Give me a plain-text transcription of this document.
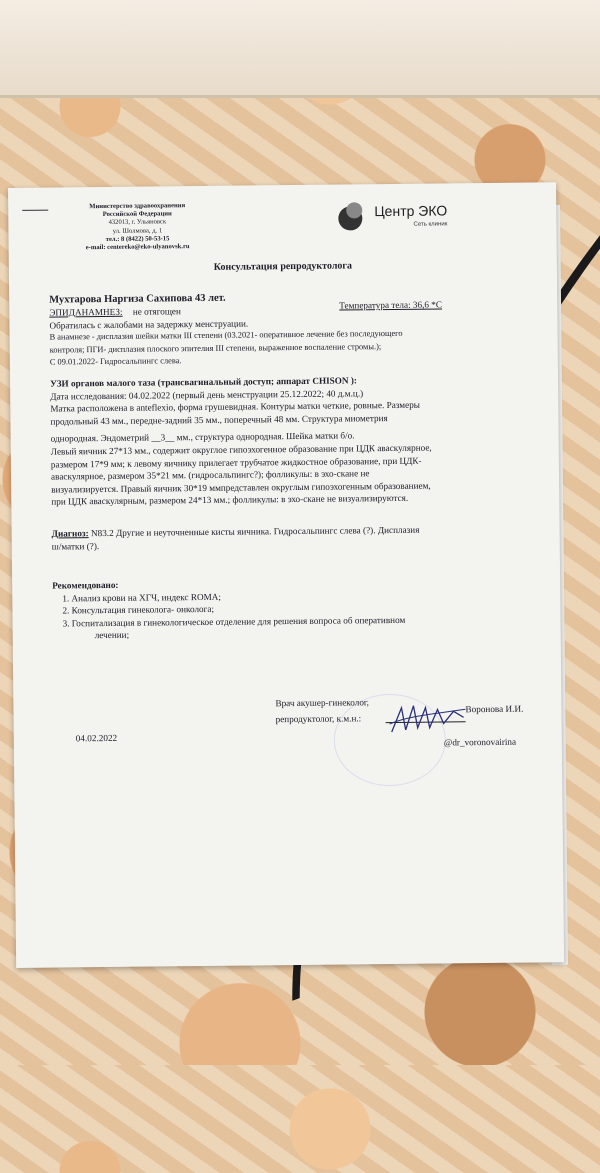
Министерство здравоохранения
Российской Федерации
432013, г. Ульяновск
ул. Шолмова, д. 1
тел.: 8 (8422) 50-53-15
e-mail: centereko@eko-ulyanovsk.ru
Центр ЭКО
Сеть клиник
Консультация репродуктолога
Мухтарова Наргиза Сахипова 43 лет.
ЭПИДАНАМНЕЗ: не отягощен
Температура тела: 36,6 *С
Обратилась с жалобами на задержку менструации.
В анамнезе - дисплазия шейки матки III степени (03.2021- оперативное лечение без последующего
контроля; ПГИ- дисплазия плоского эпителия III степени, выраженное воспаление стромы.);
С 09.01.2022- Гидросальпингс слева.
УЗИ органов малого таза (трансвагинальный доступ; аппарат CHISON ):
Дата исследования: 04.02.2022 (первый день менструации 25.12.2022; 40 д.м.ц.)
Матка расположена в anteflexio, форма грушевидная. Контуры матки четкие, ровные. Размеры
продольный 43 мм., передне-задний 35 мм., поперечный 48 мм. Структура миометрия
однородная. Эндометрий __3__ мм., структура однородная. Шейка матки б/о.
Левый яичник 27*13 мм., содержит округлое гипоэхогенное образование при ЦДК аваскулярное,
размером 17*9 мм; к левому яичнику прилегает трубчатое жидкостное образование, при ЦДК-
аваскулярное, размером 35*21 мм. (гидросальпингс?); фолликулы: в эхо-скане не
визуализируется. Правый яичник 30*19 ммпредставлен округлым гипоэхогенным образованием,
при ЦДК аваскулярным, размером 24*13 мм.; фолликулы: в эхо-скане не визуализируются.
Диагноз: N83.2 Другие и неуточненные кисты яичника. Гидросальпингс слева (?). Дисплазия
ш/матки (?).
Рекомендовано:
1. Анализ крови на ХГЧ, индекс ROMA;
2. Консультация гинеколога- онколога;
3. Госпитализация в гинекологическое отделение для решения вопроса об оперативном
лечении;
Врач акушер-гинеколог,
репродуктолог, к.м.н.:
Воронова И.И.
@dr_voronovairina
04.02.2022
